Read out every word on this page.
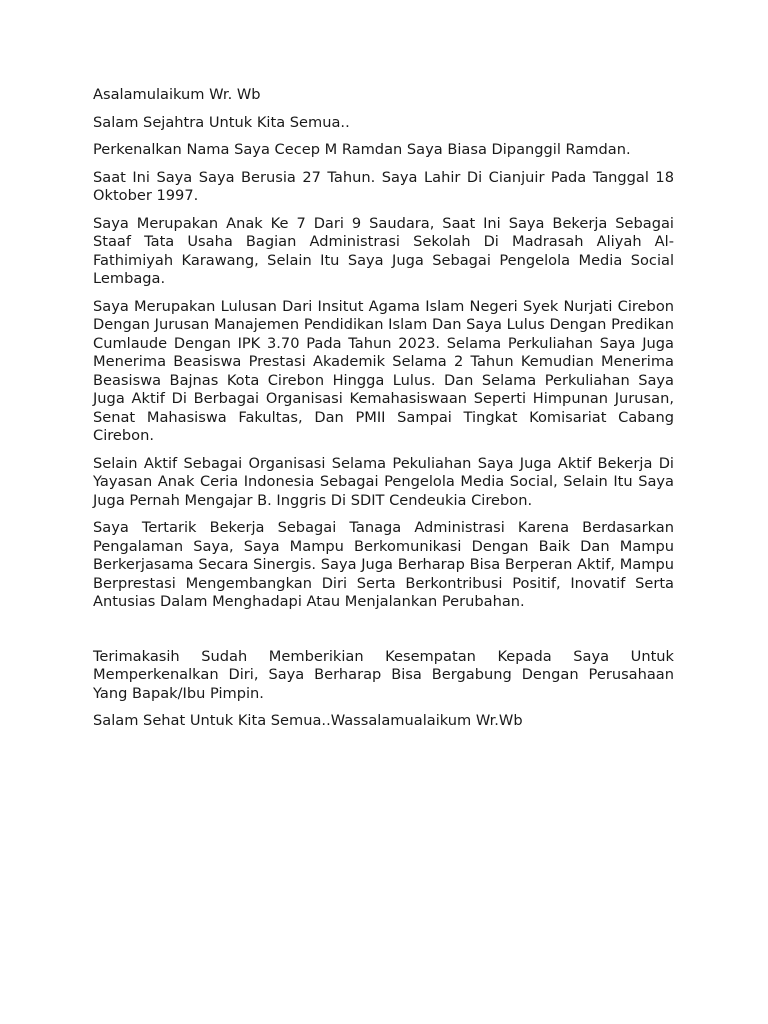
Asalamulaikum Wr. Wb

Salam Sejahtra Untuk Kita Semua..

Perkenalkan Nama Saya Cecep M Ramdan Saya Biasa Dipanggil Ramdan.

Saat Ini Saya Saya Berusia 27 Tahun. Saya Lahir Di Cianjuir Pada Tanggal 18 Oktober 1997.

Saya Merupakan Anak Ke 7 Dari 9 Saudara, Saat Ini Saya Bekerja Sebagai Staaf Tata Usaha Bagian Administrasi Sekolah Di Madrasah Aliyah Al-Fathimiyah Karawang, Selain Itu Saya Juga Sebagai Pengelola Media Social Lembaga.

Saya Merupakan Lulusan Dari Insitut Agama Islam Negeri Syek Nurjati Cirebon Dengan Jurusan Manajemen Pendidikan Islam Dan Saya Lulus Dengan Predikan Cumlaude Dengan IPK 3.70 Pada Tahun 2023. Selama Perkuliahan Saya Juga Menerima Beasiswa Prestasi Akademik Selama 2 Tahun Kemudian Menerima Beasiswa Bajnas Kota Cirebon Hingga Lulus. Dan Selama Perkuliahan Saya Juga Aktif Di Berbagai Organisasi Kemahasiswaan Seperti Himpunan Jurusan, Senat Mahasiswa Fakultas, Dan PMII Sampai Tingkat Komisariat Cabang Cirebon.

Selain Aktif Sebagai Organisasi Selama Pekuliahan Saya Juga Aktif Bekerja Di Yayasan Anak Ceria Indonesia Sebagai Pengelola Media Social, Selain Itu Saya Juga Pernah Mengajar B. Inggris Di SDIT Cendeukia Cirebon.

Saya Tertarik Bekerja Sebagai Tanaga Administrasi Karena Berdasarkan Pengalaman Saya, Saya Mampu Berkomunikasi Dengan Baik Dan Mampu Berkerjasama Secara Sinergis. Saya Juga Berharap Bisa Berperan Aktif, Mampu Berprestasi Mengembangkan Diri Serta Berkontribusi Positif, Inovatif Serta Antusias Dalam Menghadapi Atau Menjalankan Perubahan.

Terimakasih Sudah Memberikian Kesempatan Kepada Saya Untuk Memperkenalkan Diri, Saya Berharap Bisa Bergabung Dengan Perusahaan Yang Bapak/Ibu Pimpin.

Salam Sehat Untuk Kita Semua..Wassalamualaikum Wr.Wb
